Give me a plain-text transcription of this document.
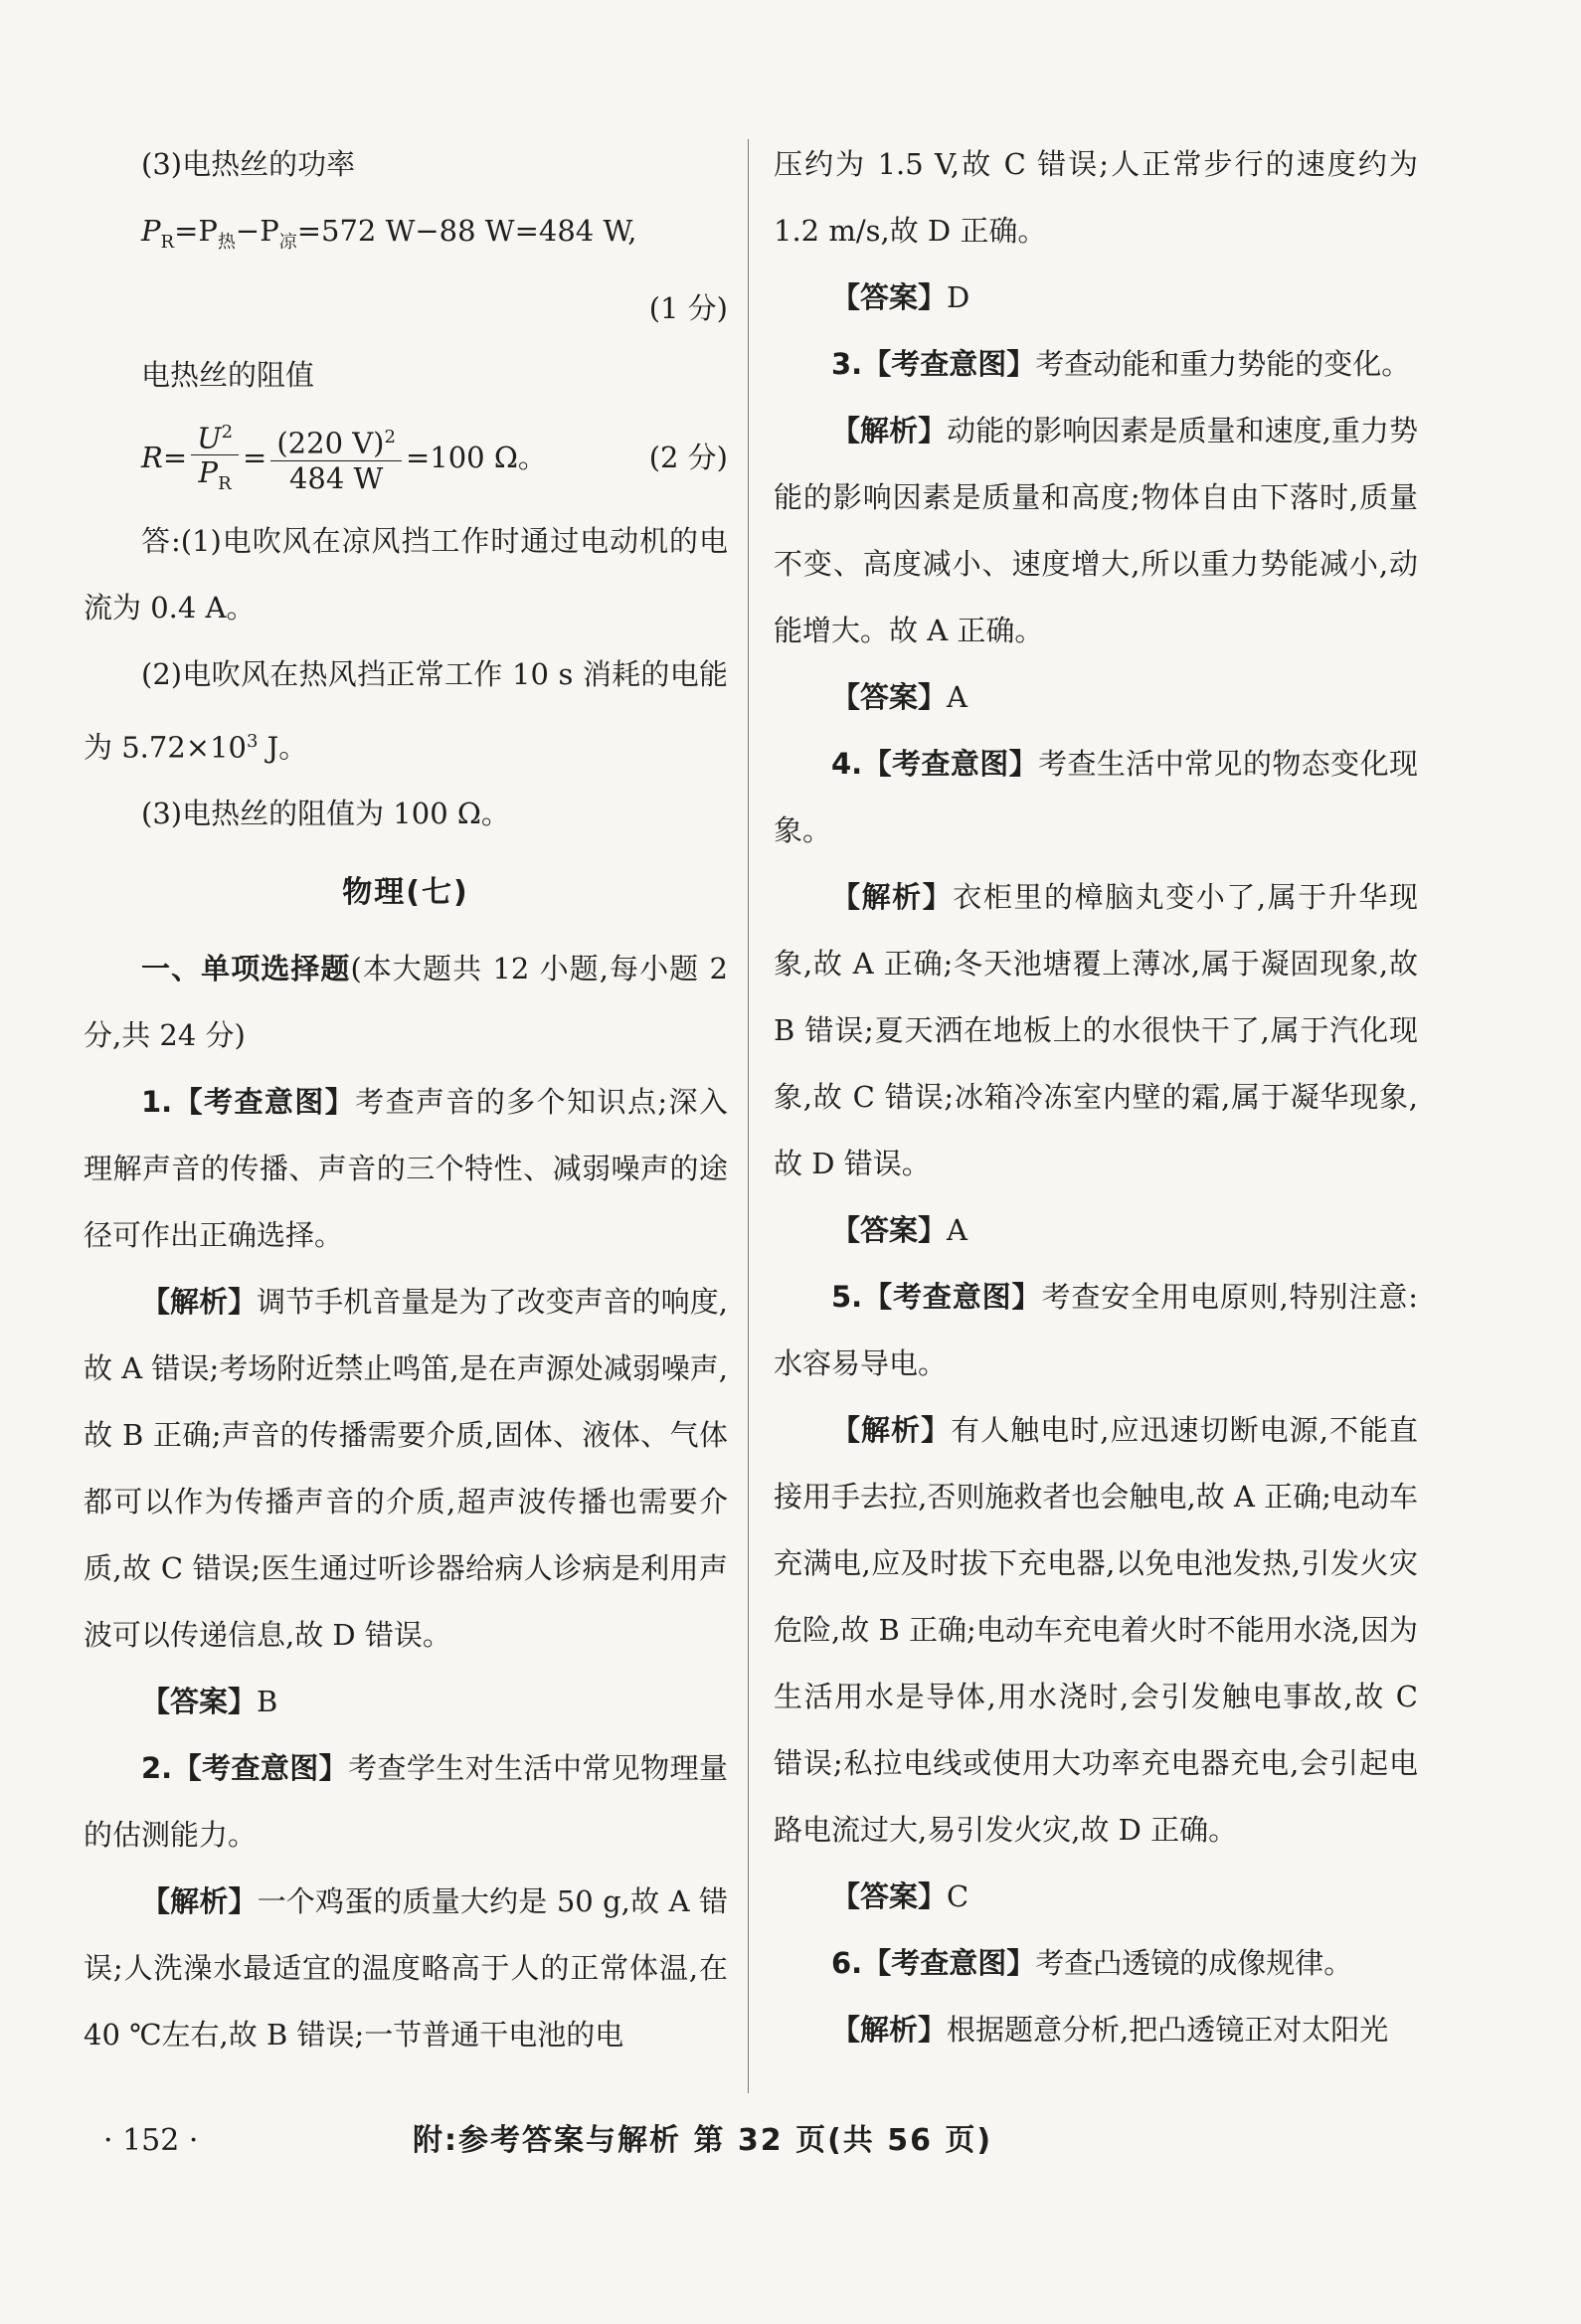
(3)电热丝的功率

$P_R=P_热-P_凉=572$ W−88 W=484 W,

(1 分)

电热丝的阻值

$R= \frac{U^2}{P_R} = \frac{(220 V)^2}{484 W} =100$ Ω。	(2 分)

答:(1)电吹风在凉风挡工作时通过电动机的电流为 0.4 A。

(2)电吹风在热风挡正常工作 10 s 消耗的电能为 $5.72\times 10^3$ J。

(3)电热丝的阻值为 100 Ω。

物理(七)

一、单项选择题(本大题共 12 小题,每小题 2 分,共 24 分)

1.【考查意图】考查声音的多个知识点;深入理解声音的传播、声音的三个特性、减弱噪声的途径可作出正确选择。

【解析】调节手机音量是为了改变声音的响度,故 A 错误;考场附近禁止鸣笛,是在声源处减弱噪声,故 B 正确;声音的传播需要介质,固体、液体、气体都可以作为传播声音的介质,超声波传播也需要介质,故 C 错误;医生通过听诊器给病人诊病是利用声波可以传递信息,故 D 错误。

【答案】B

2.【考查意图】考查学生对生活中常见物理量的估测能力。

【解析】一个鸡蛋的质量大约是 50 g,故 A 错误;人洗澡水最适宜的温度略高于人的正常体温,在 40 ℃左右,故 B 错误;一节普通干电池的电

压约为 1.5 V,故 C 错误;人正常步行的速度约为 1.2 m/s,故 D 正确。

【答案】D

3.【考查意图】考查动能和重力势能的变化。

【解析】动能的影响因素是质量和速度,重力势能的影响因素是质量和高度;物体自由下落时,质量不变、高度减小、速度增大,所以重力势能减小,动能增大。故 A 正确。

【答案】A

4.【考查意图】考查生活中常见的物态变化现象。

【解析】衣柜里的樟脑丸变小了,属于升华现象,故 A 正确;冬天池塘覆上薄冰,属于凝固现象,故 B 错误;夏天洒在地板上的水很快干了,属于汽化现象,故 C 错误;冰箱冷冻室内壁的霜,属于凝华现象,故 D 错误。

【答案】A

5.【考查意图】考查安全用电原则,特别注意:水容易导电。

【解析】有人触电时,应迅速切断电源,不能直接用手去拉,否则施救者也会触电,故 A 正确;电动车充满电,应及时拔下充电器,以免电池发热,引发火灾危险,故 B 正确;电动车充电着火时不能用水浇,因为生活用水是导体,用水浇时,会引发触电事故,故 C 错误;私拉电线或使用大功率充电器充电,会引起电路电流过大,易引发火灾,故 D 正确。

【答案】C

6.【考查意图】考查凸透镜的成像规律。

【解析】根据题意分析,把凸透镜正对太阳光

· 152 ·	附:参考答案与解析 第 32 页(共 56 页)
